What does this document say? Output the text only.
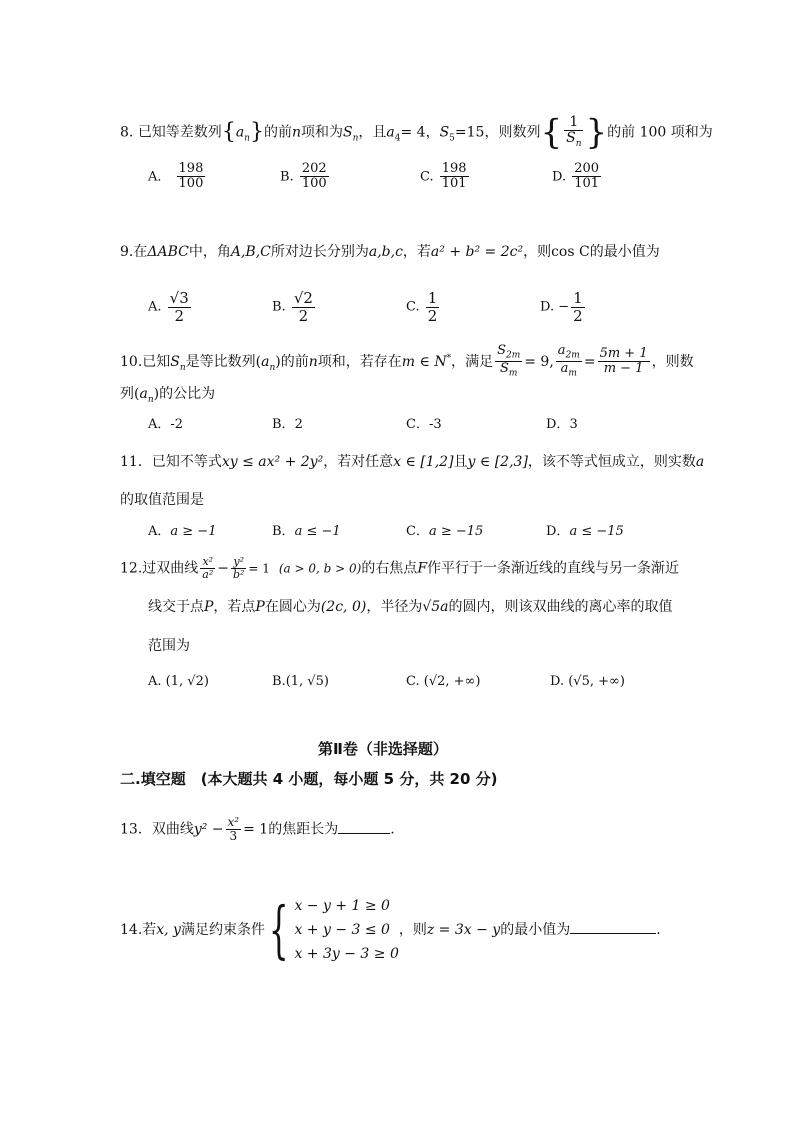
8. 已知等差数列$\{a_n\}$的前n项和为$S_n$，且$a_4= 4$，$S_5=15$，则数列{ $\frac{1}{S_n}$ }的前 100 项和为
A． $\frac{198}{100}$	B. $\frac{202}{100}$	C. $\frac{198}{101}$	D. $\frac{200}{101}$
9.在ΔABC中，角A,B,C所对边长分别为a,b,c，若a² + b² = 2c²，则cos C的最小值为
A. $\frac{√3}{2}$	B. $\frac{√2}{2}$	C. $\frac{1}{2}$	D. − $\frac{1}{2}$
10.已知$S_n$是等比数列$(a_n)$的前n项和，若存在m ∈ N*，满足 $\frac{S_{2m}}{S_m} = 9$, $\frac{a_{2m}}{a_m} = \frac{5m + 1}{m - 1}$ ，则数
列$(a_n)$的公比为
A．-2	B．2	C．-3	D．3
11．已知不等式xy ≤ ax² + 2y²，若对任意x ∈ [1,2]且y ∈ [2,3]，该不等式恒成立，则实数a
的取值范围是
A．a ≥ −1	B．a ≤ −1	C．a ≥ −15	D．a ≤ −15
12.过双曲线 $\frac{\text{x²}}{\text{a²}} - \frac{\text{y²}}{\text{b²}} = 1$ (a > 0, b > 0)的右焦点F作平行于一条渐近线的直线与另一条渐近
线交于点P，若点P在圆心为(2c, 0)，半径为√5a的圆内，则该双曲线的离心率的取值
范围为
A. (1, √2)	B.(1, √5)	C. (√2, +∞)	D. (√5, +∞)
第Ⅱ卷（非选择题）
二.填空题　(本大题共 4 小题，每小题 5 分，共 20 分)
13．双曲线$y^2 - \frac{\text{x²}}{3} = 1$的焦距长为	.
14.若x, y满足约束条件{ x − y + 1 ≥ 0
x + y − 3 ≤ 0
x + 3y − 3 ≥ 0
，则z = 3x − y的最小值为	.
